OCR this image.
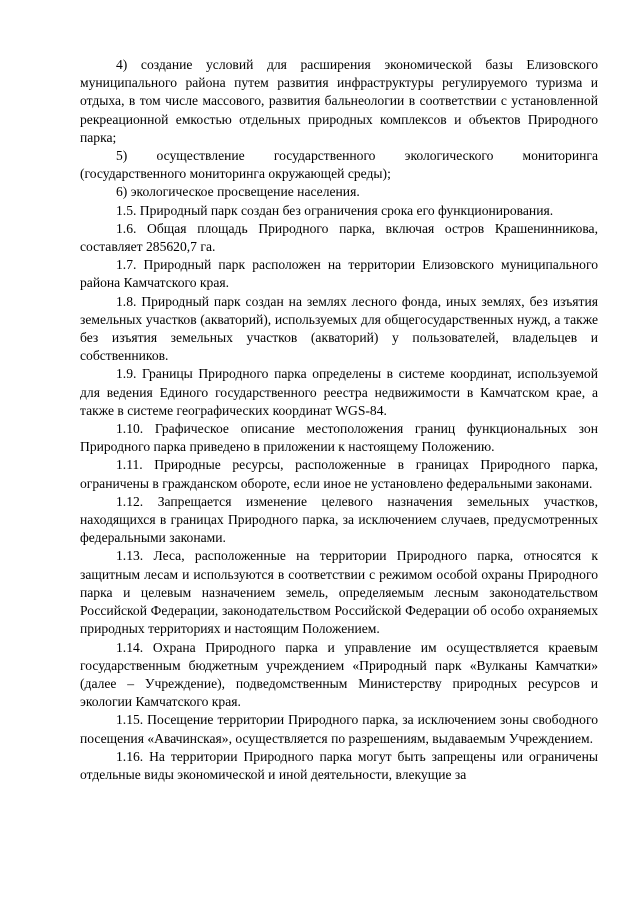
4) создание условий для расширения экономической базы Елизовского муниципального района путем развития инфраструктуры регулируемого туризма и отдыха, в том числе массового, развития бальнеологии в соответствии с установленной рекреационной емкостью отдельных природных комплексов и объектов Природного парка;

5) осуществление государственного экологического мониторинга (государственного мониторинга окружающей среды);

6) экологическое просвещение населения.

1.5. Природный парк создан без ограничения срока его функционирования.

1.6. Общая площадь Природного парка, включая остров Крашенинникова, составляет 285620,7 га.

1.7. Природный парк расположен на территории Елизовского муниципального района Камчатского края.

1.8. Природный парк создан на землях лесного фонда, иных землях, без изъятия земельных участков (акваторий), используемых для общегосударственных нужд, а также без изъятия земельных участков (акваторий) у пользователей, владельцев и собственников.

1.9. Границы Природного парка определены в системе координат, используемой для ведения Единого государственного реестра недвижимости в Камчатском крае, а также в системе географических координат WGS-84.

1.10. Графическое описание местоположения границ функциональных зон Природного парка приведено в приложении к настоящему Положению.

1.11. Природные ресурсы, расположенные в границах Природного парка, ограничены в гражданском обороте, если иное не установлено федеральными законами.

1.12. Запрещается изменение целевого назначения земельных участков, находящихся в границах Природного парка, за исключением случаев, предусмотренных федеральными законами.

1.13. Леса, расположенные на территории Природного парка, относятся к защитным лесам и используются в соответствии с режимом особой охраны Природного парка и целевым назначением земель, определяемым лесным законодательством Российской Федерации, законодательством Российской Федерации об особо охраняемых природных территориях и настоящим Положением.

1.14. Охрана Природного парка и управление им осуществляется краевым государственным бюджетным учреждением «Природный парк «Вулканы Камчатки» (далее – Учреждение), подведомственным Министерству природных ресурсов и экологии Камчатского края.

1.15. Посещение территории Природного парка, за исключением зоны свободного посещения «Авачинская», осуществляется по разрешениям, выдаваемым Учреждением.

1.16. На территории Природного парка могут быть запрещены или ограничены отдельные виды экономической и иной деятельности, влекущие за
